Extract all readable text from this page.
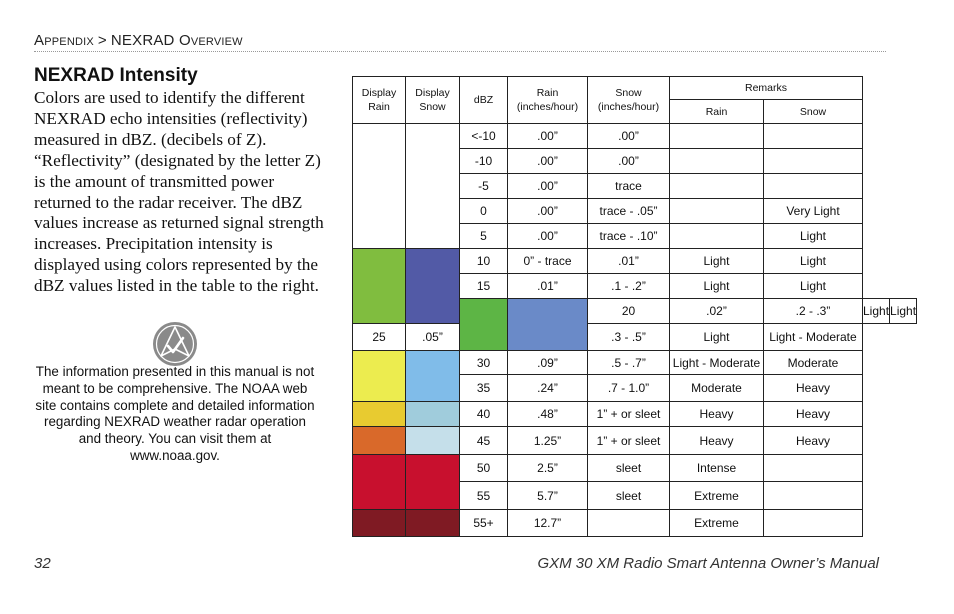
Appendix > NEXRAD Overview
NEXRAD Intensity
Colors are used to identify the different NEXRAD echo intensities (reflectivity) measured in dBZ. (decibels of Z). “Reflectivity” (designated by the letter Z) is the amount of transmitted power returned to the radar receiver. The dBZ values increase as returned signal strength increases. Precipitation intensity is displayed using colors represented by the dBZ values listed in the table to the right.
The information presented in this manual is not meant to be comprehensive. The NOAA web site contains complete and detailed information regarding NEXRAD weather radar operation and theory. You can visit them at www.noaa.gov.
Display Rain	Display Snow	dBZ	Rain (inches/hour)	Snow (inches/hour)	Remarks			
					Rain	Snow		
		<-10	.00”	.00”				
		-10	.00”	.00”				
		-5	.00”	trace				
		0	.00”	trace - .05”		Very Light		
		5	.00”	trace - .10”		Light		
		10	0” - trace	.01”	Light	Light		
		15	.01”	.1 - .2”	Light	Light		
				20	.02”	.2 - .3”	Light	Light
25	.05”			.3 - .5”	Light	Light - Moderate		
		30	.09”	.5 - .7”	Light - Moderate	Moderate		
		35	.24”	.7 - 1.0”	Moderate	Heavy		
		40	.48”	1” + or sleet	Heavy	Heavy		
		45	1.25”	1” + or sleet	Heavy	Heavy		
		50	2.5”	sleet	Intense			
		55	5.7”	sleet	Extreme			
		55+	12.7”		Extreme			
32	GXM 30 XM Radio Smart Antenna Owner’s Manual
